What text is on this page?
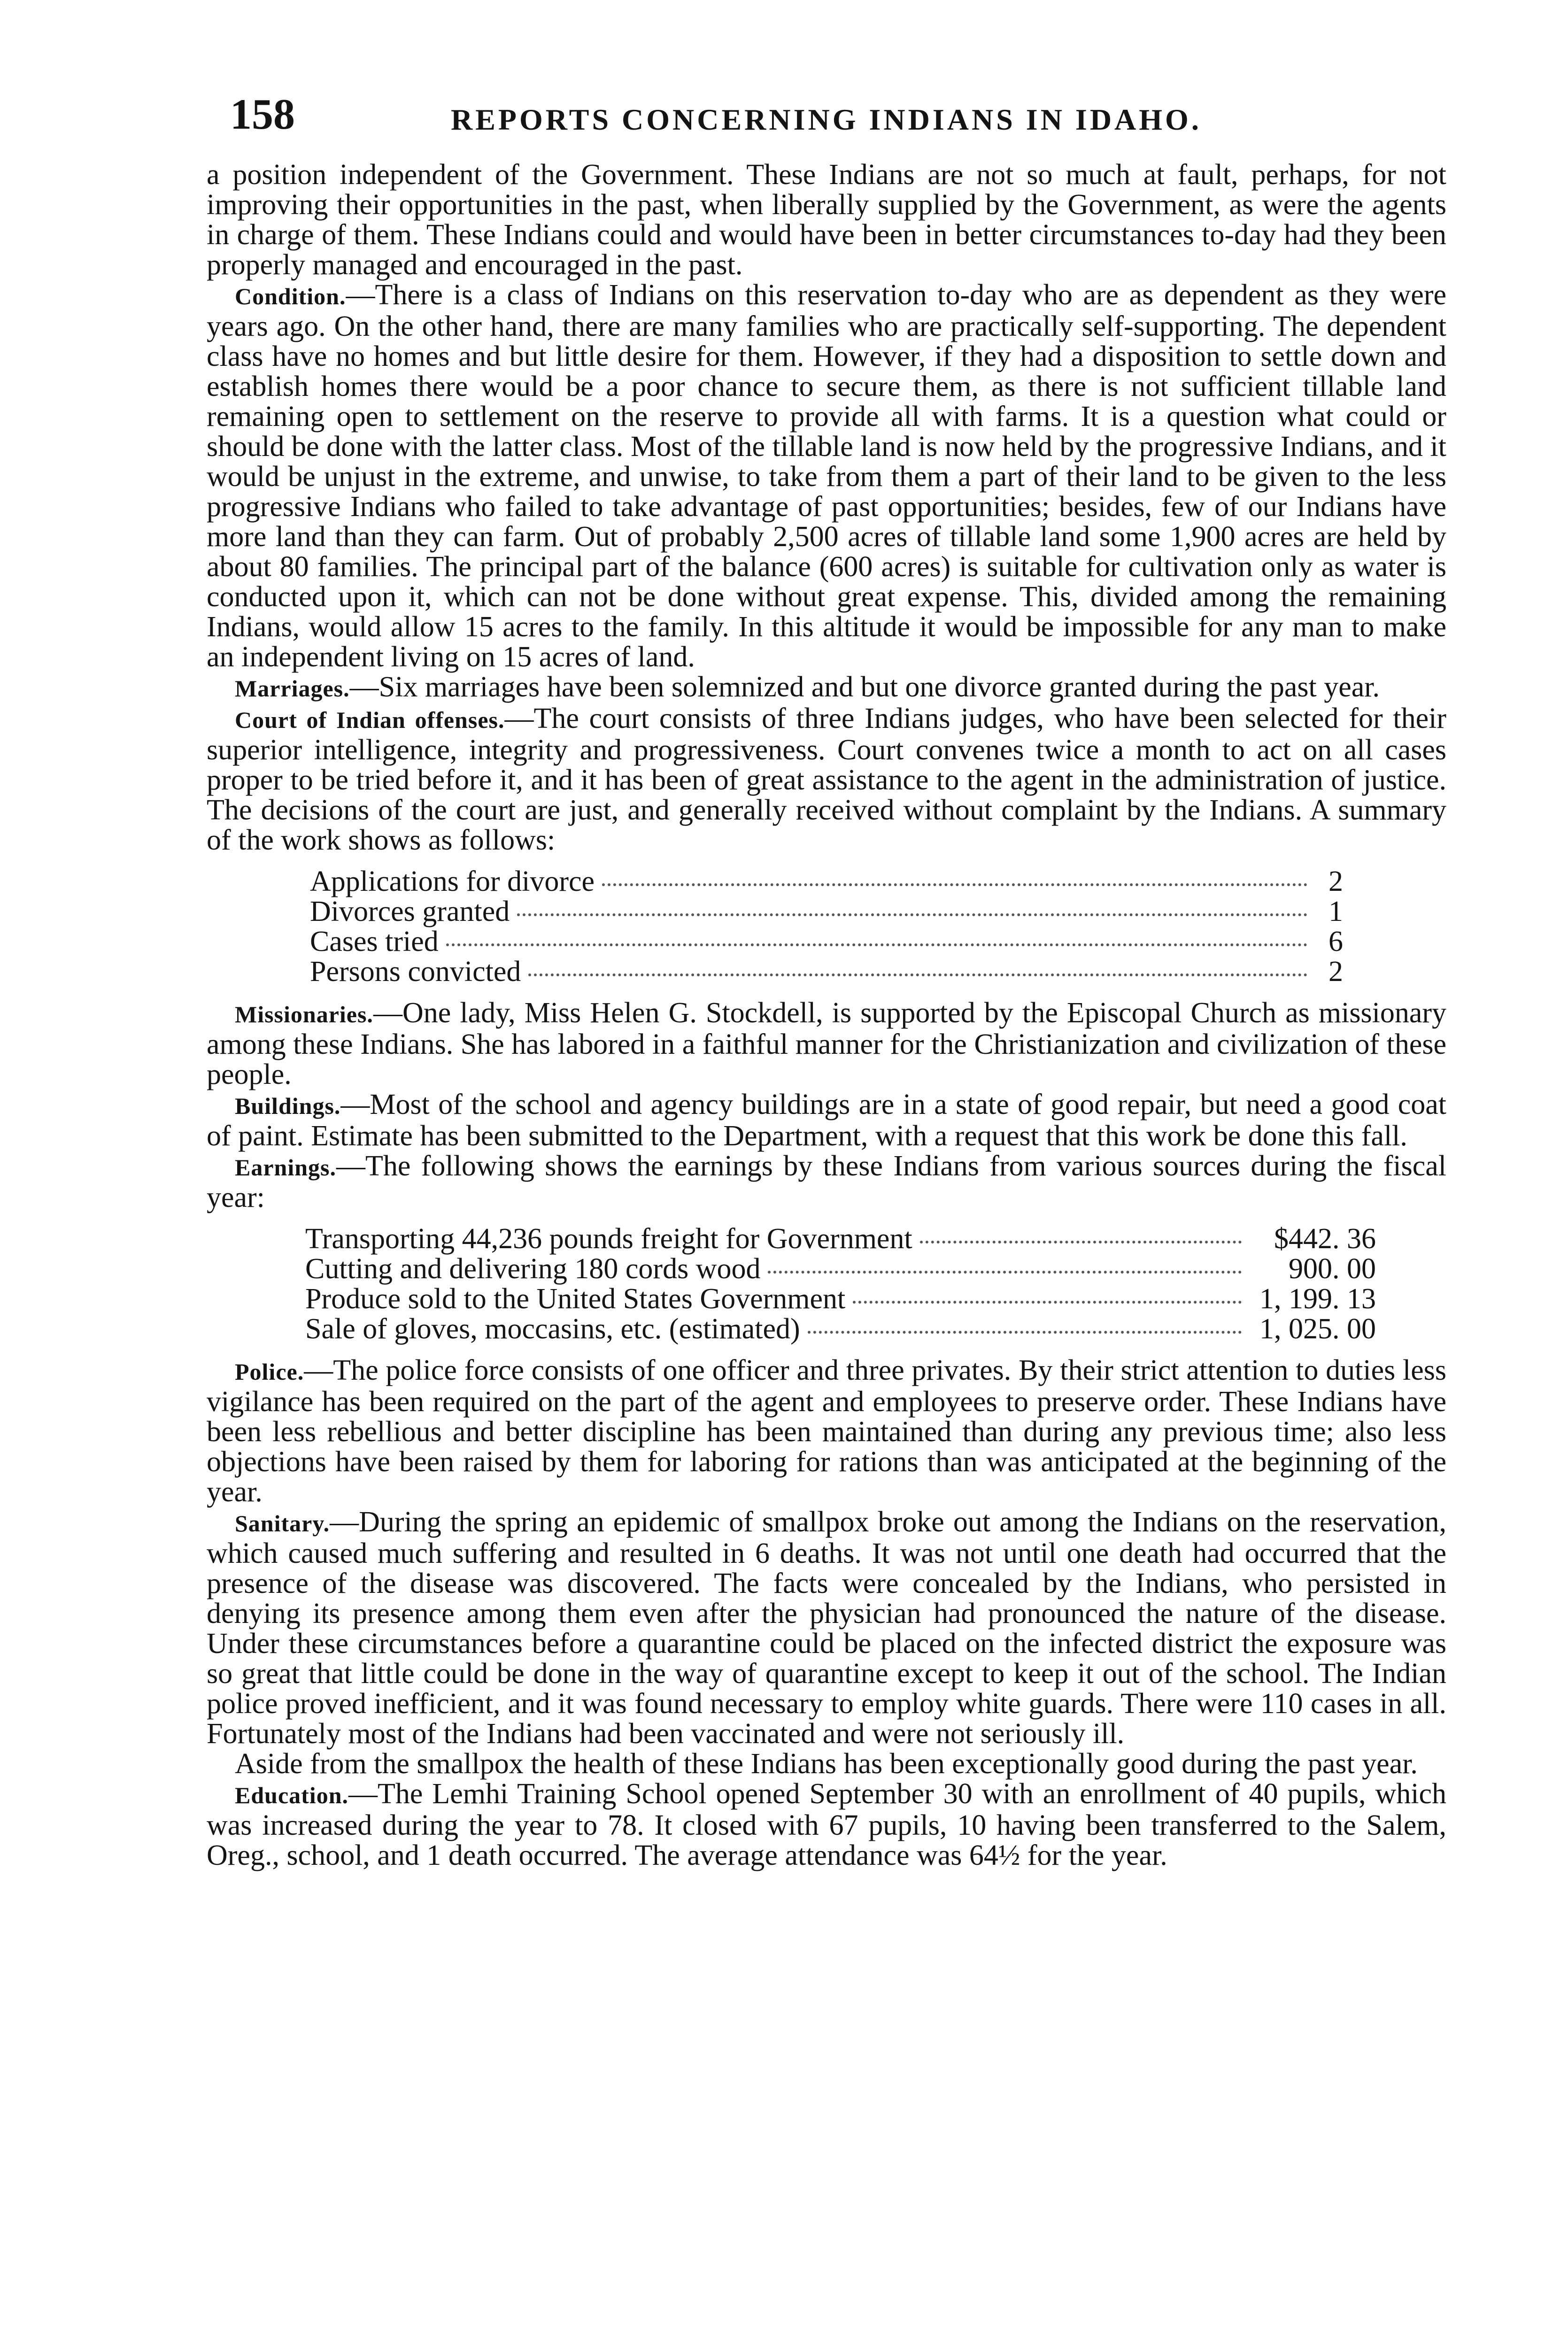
158	REPORTS CONCERNING INDIANS IN IDAHO.

a position independent of the Government. These Indians are not so much at fault, perhaps, for not improving their opportunities in the past, when liberally supplied by the Government, as were the agents in charge of them. These Indians could and would have been in better circumstances to-day had they been properly managed and encouraged in the past.

Condition.—There is a class of Indians on this reservation to-day who are as dependent as they were years ago. On the other hand, there are many families who are practically self-supporting. The dependent class have no homes and but little desire for them. However, if they had a disposition to settle down and establish homes there would be a poor chance to secure them, as there is not sufficient tillable land remaining open to settlement on the reserve to provide all with farms. It is a question what could or should be done with the latter class. Most of the tillable land is now held by the progressive Indians, and it would be unjust in the extreme, and unwise, to take from them a part of their land to be given to the less progressive Indians who failed to take advantage of past opportunities; besides, few of our Indians have more land than they can farm. Out of probably 2,500 acres of tillable land some 1,900 acres are held by about 80 families. The principal part of the balance (600 acres) is suitable for cultivation only as water is conducted upon it, which can not be done without great expense. This, divided among the remaining Indians, would allow 15 acres to the family. In this altitude it would be impossible for any man to make an independent living on 15 acres of land.

Marriages.—Six marriages have been solemnized and but one divorce granted during the past year.

Court of Indian offenses.—The court consists of three Indians judges, who have been selected for their superior intelligence, integrity and progressiveness. Court convenes twice a month to act on all cases proper to be tried before it, and it has been of great assistance to the agent in the administration of justice. The decisions of the court are just, and generally received without complaint by the Indians. A summary of the work shows as follows:

Applications for divorce	2
Divorces granted	1
Cases tried	6
Persons convicted	2

Missionaries.—One lady, Miss Helen G. Stockdell, is supported by the Episcopal Church as missionary among these Indians. She has labored in a faithful manner for the Christianization and civilization of these people.

Buildings.—Most of the school and agency buildings are in a state of good repair, but need a good coat of paint. Estimate has been submitted to the Department, with a request that this work be done this fall.

Earnings.—The following shows the earnings by these Indians from various sources during the fiscal year:

Transporting 44,236 pounds freight for Government	$442. 36
Cutting and delivering 180 cords wood	900. 00
Produce sold to the United States Government	1, 199. 13
Sale of gloves, moccasins, etc. (estimated)	1, 025. 00

Police.—The police force consists of one officer and three privates. By their strict attention to duties less vigilance has been required on the part of the agent and employees to preserve order. These Indians have been less rebellious and better discipline has been maintained than during any previous time; also less objections have been raised by them for laboring for rations than was anticipated at the beginning of the year.

Sanitary.—During the spring an epidemic of smallpox broke out among the Indians on the reservation, which caused much suffering and resulted in 6 deaths. It was not until one death had occurred that the presence of the disease was discovered. The facts were concealed by the Indians, who persisted in denying its presence among them even after the physician had pronounced the nature of the disease. Under these circumstances before a quarantine could be placed on the infected district the exposure was so great that little could be done in the way of quarantine except to keep it out of the school. The Indian police proved inefficient, and it was found necessary to employ white guards. There were 110 cases in all. Fortunately most of the Indians had been vaccinated and were not seriously ill.

Aside from the smallpox the health of these Indians has been exceptionally good during the past year.

Education.—The Lemhi Training School opened September 30 with an enrollment of 40 pupils, which was increased during the year to 78. It closed with 67 pupils, 10 having been transferred to the Salem, Oreg., school, and 1 death occurred. The average attendance was 64½ for the year.
